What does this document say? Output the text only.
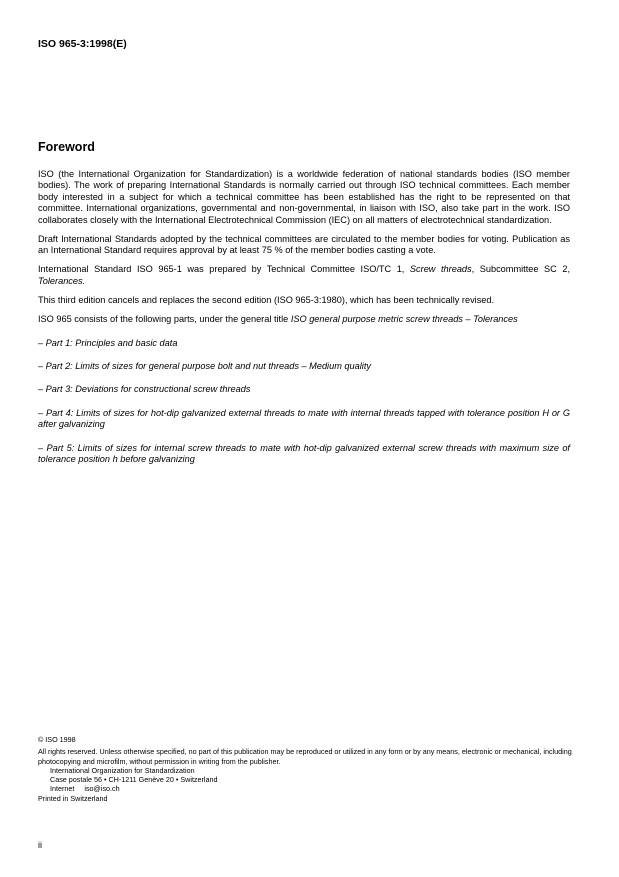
ISO 965-3:1998(E)
Foreword

ISO (the International Organization for Standardization) is a worldwide federation of national standards bodies (ISO member bodies). The work of preparing International Standards is normally carried out through ISO technical committees. Each member body interested in a subject for which a technical committee has been established has the right to be represented on that committee. International organizations, governmental and non-governmental, in liaison with ISO, also take part in the work. ISO collaborates closely with the International Electrotechnical Commission (IEC) on all matters of electrotechnical standardization.

Draft International Standards adopted by the technical committees are circulated to the member bodies for voting. Publication as an International Standard requires approval by at least 75 % of the member bodies casting a vote.

International Standard ISO 965-1 was prepared by Technical Committee ISO/TC 1, Screw threads, Subcommittee SC 2, Tolerances.

This third edition cancels and replaces the second edition (ISO 965-3:1980), which has been technically revised.

ISO 965 consists of the following parts, under the general title ISO general purpose metric screw threads – Tolerances

– Part 1: Principles and basic data

– Part 2: Limits of sizes for general purpose bolt and nut threads – Medium quality

– Part 3: Deviations for constructional screw threads

– Part 4: Limits of sizes for hot-dip galvanized external threads to mate with internal threads tapped with tolerance position H or G after galvanizing

– Part 5: Limits of sizes for internal screw threads to mate with hot-dip galvanized external screw threads with maximum size of tolerance position h before galvanizing

© ISO 1998
All rights reserved. Unless otherwise specified, no part of this publication may be reproduced or utilized in any form or by any means, electronic or mechanical, including photocopying and microfilm, without permission in writing from the publisher.
International Organization for Standardization
Case postale 56 • CH-1211 Genève 20 • Switzerland
Internet     iso@iso.ch
Printed in Switzerland
ii
